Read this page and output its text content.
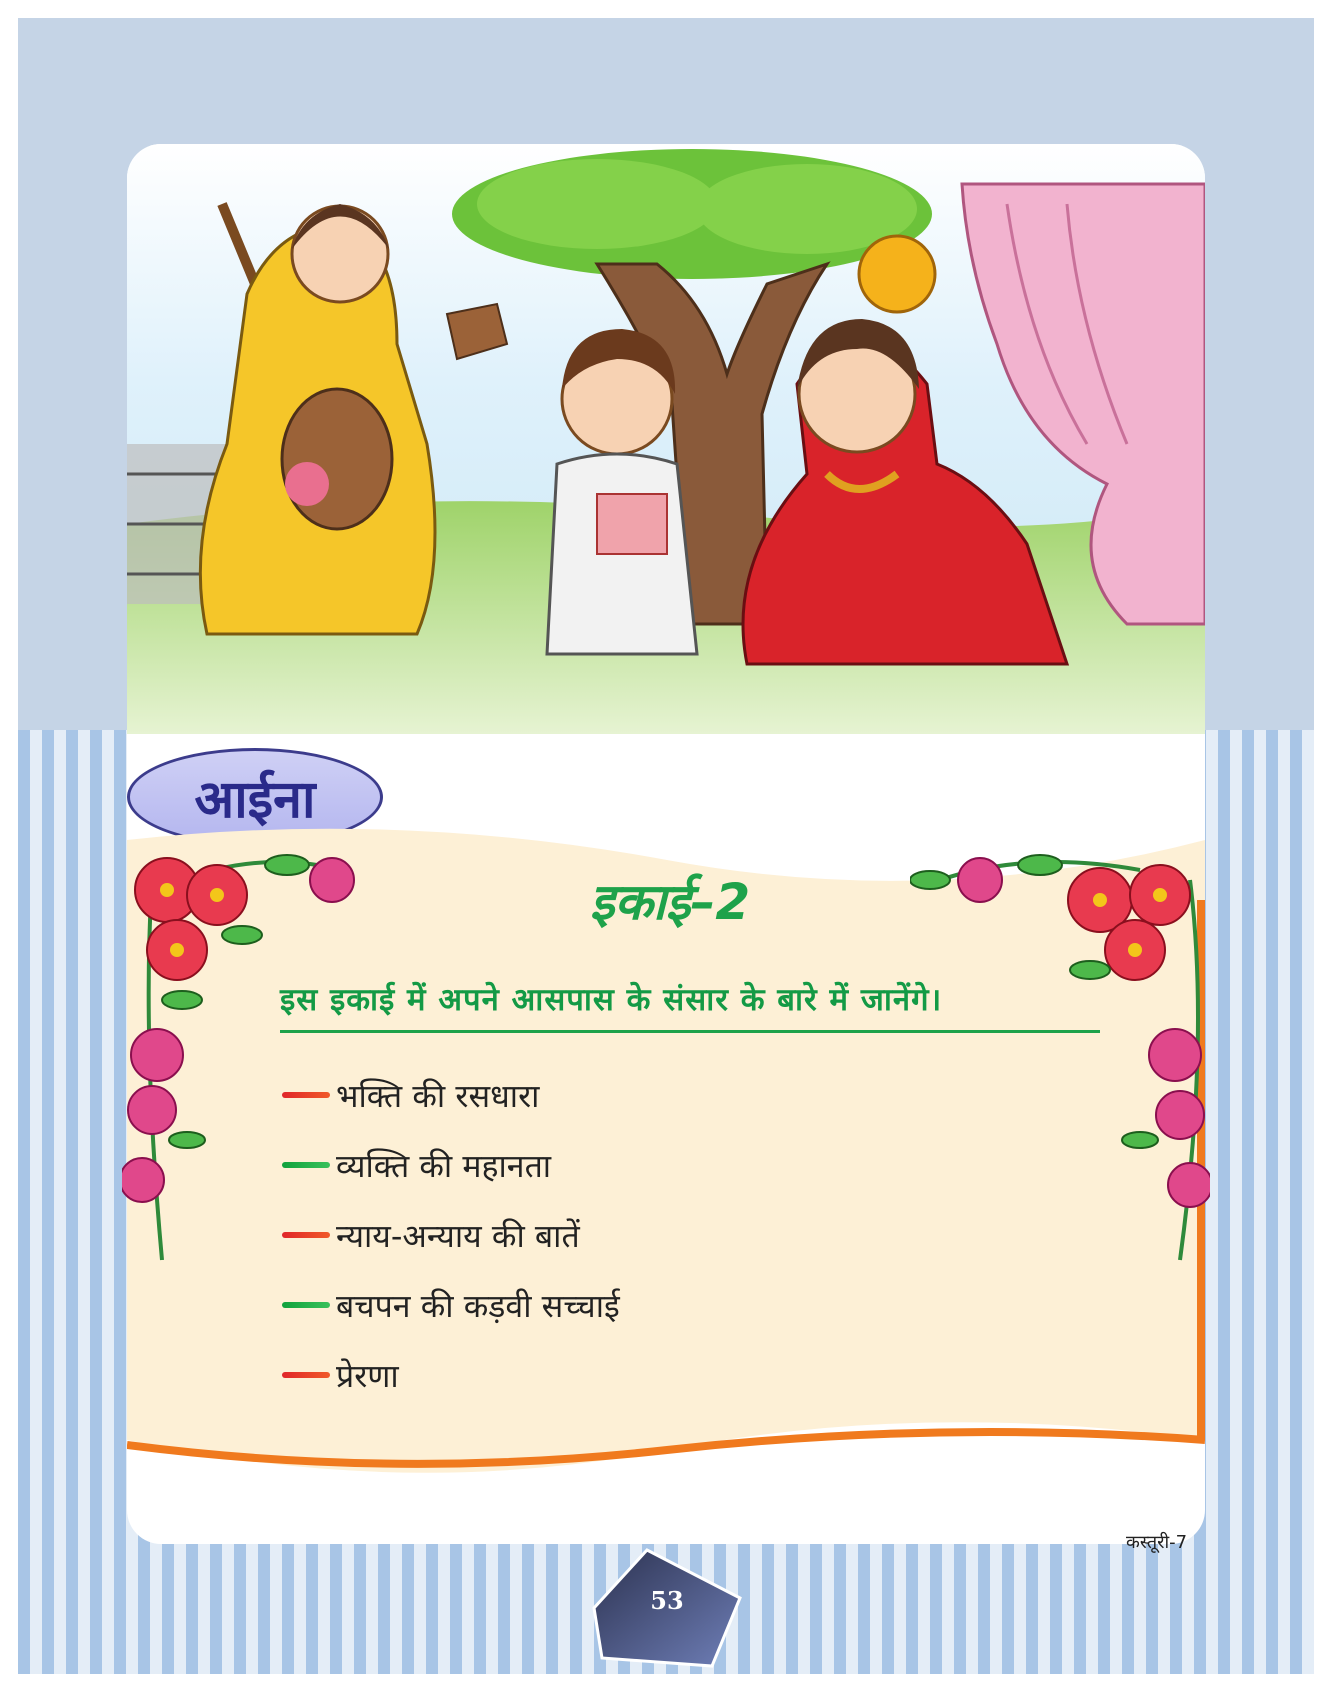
आईना
इकाई–2
इस इकाई में अपने आसपास के संसार के बारे में जानेंगे।
भक्ति की रसधारा
व्यक्ति की महानता
न्याय-अन्याय की बातें
बचपन की कड़वी सच्चाई
प्रेरणा
कस्तूरी-7
53
